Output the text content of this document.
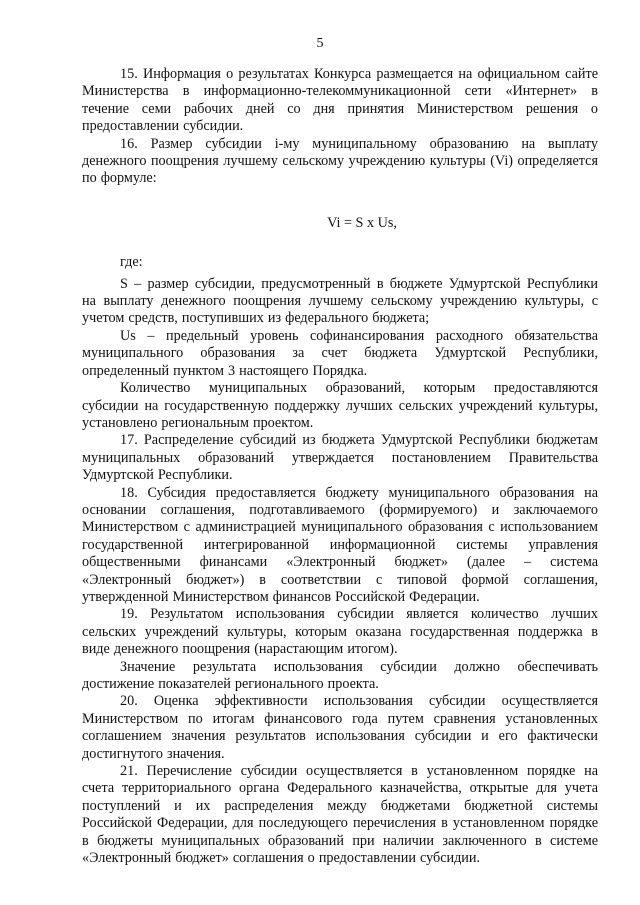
5

15. Информация о результатах Конкурса размещается на официальном сайте Министерства в информационно-телекоммуникационной сети «Интернет» в течение семи рабочих дней со дня принятия Министерством решения о предоставлении субсидии.

16. Размер субсидии i-му муниципальному образованию на выплату денежного поощрения лучшему сельскому учреждению культуры (Vi) определяется по формуле:

Vi = S x Us,

где:

S – размер субсидии, предусмотренный в бюджете Удмуртской Республики на выплату денежного поощрения лучшему сельскому учреждению культуры, с учетом средств, поступивших из федерального бюджета;

Us – предельный уровень софинансирования расходного обязательства муниципального образования за счет бюджета Удмуртской Республики, определенный пунктом 3 настоящего Порядка.

Количество муниципальных образований, которым предоставляются субсидии на государственную поддержку лучших сельских учреждений культуры, установлено региональным проектом.

17. Распределение субсидий из бюджета Удмуртской Республики бюджетам муниципальных образований утверждается постановлением Правительства Удмуртской Республики.

18. Субсидия предоставляется бюджету муниципального образования на основании соглашения, подготавливаемого (формируемого) и заключаемого Министерством с администрацией муниципального образования с использованием государственной интегрированной информационной системы управления общественными финансами «Электронный бюджет» (далее – система «Электронный бюджет») в соответствии с типовой формой соглашения, утвержденной Министерством финансов Российской Федерации.

19. Результатом использования субсидии является количество лучших сельских учреждений культуры, которым оказана государственная поддержка в виде денежного поощрения (нарастающим итогом).

Значение результата использования субсидии должно обеспечивать достижение показателей регионального проекта.

20. Оценка эффективности использования субсидии осуществляется Министерством по итогам финансового года путем сравнения установленных соглашением значения результатов использования субсидии и его фактически достигнутого значения.

21. Перечисление субсидии осуществляется в установленном порядке на счета территориального органа Федерального казначейства, открытые для учета поступлений и их распределения между бюджетами бюджетной системы Российской Федерации, для последующего перечисления в установленном порядке в бюджеты муниципальных образований при наличии заключенного в системе «Электронный бюджет» соглашения о предоставлении субсидии.
